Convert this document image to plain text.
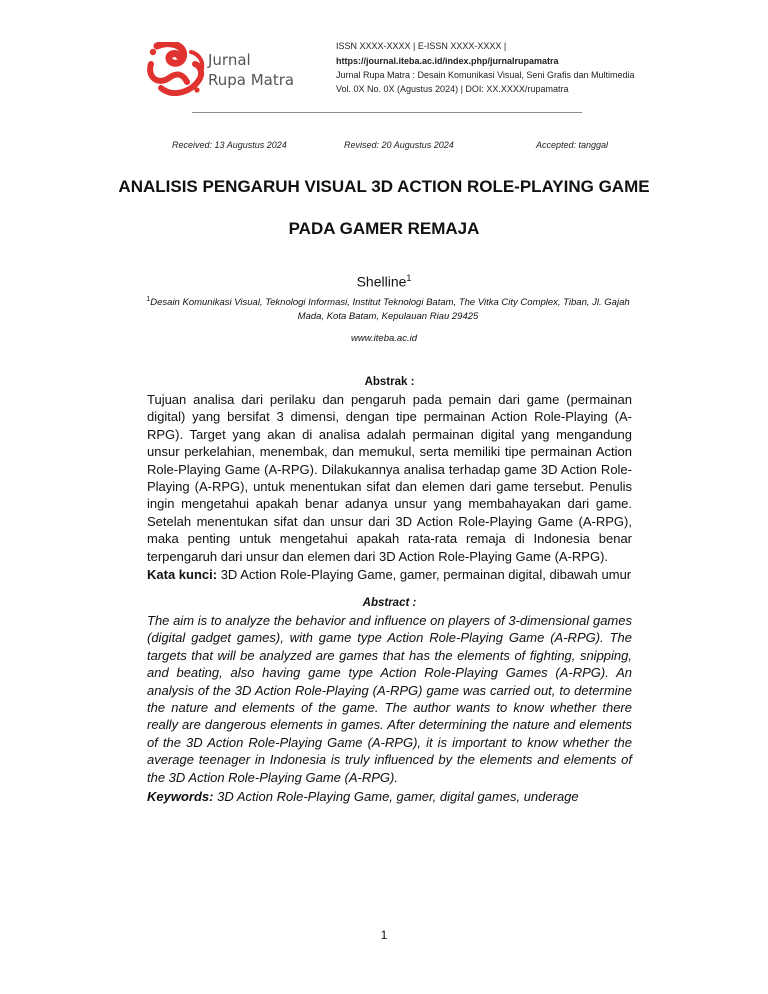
Jurnal
Rupa Matra
ISSN XXXX-XXXX | E-ISSN XXXX-XXXX |
https://journal.iteba.ac.id/index.php/jurnalrupamatra
Jurnal Rupa Matra : Desain Komunikasi Visual, Seni Grafis dan Multimedia
Vol. 0X No. 0X (Agustus 2024) | DOI: XX.XXXX/rupamatra
Received: 13 Augustus 2024	Revised: 20 Augustus 2024	Accepted: tanggal
ANALISIS PENGARUH VISUAL 3D ACTION ROLE-PLAYING GAME
PADA GAMER REMAJA
Shelline$^1$
$^1$Desain Komunikasi Visual, Teknologi Informasi, Institut Teknologi Batam, The Vitka City Complex, Tiban, Jl. Gajah Mada, Kota Batam, Kepulauan Riau 29425
www.iteba.ac.id
Abstrak :
Tujuan analisa dari perilaku dan pengaruh pada pemain dari game (permainan digital) yang bersifat 3 dimensi, dengan tipe permainan Action Role-Playing (A-RPG). Target yang akan di analisa adalah permainan digital yang mengandung unsur perkelahian, menembak, dan memukul, serta memiliki tipe permainan Action Role-Playing Game (A-RPG). Dilakukannya analisa terhadap game 3D Action Role-Playing (A-RPG), untuk menentukan sifat dan elemen dari game tersebut. Penulis ingin mengetahui apakah benar adanya unsur yang membahayakan dari game. Setelah menentukan sifat dan unsur dari 3D Action Role-Playing Game (A-RPG), maka penting untuk mengetahui apakah rata-rata remaja di Indonesia benar terpengaruh dari unsur dan elemen dari 3D Action Role-Playing Game (A-RPG).
Kata kunci: 3D Action Role-Playing Game, gamer, permainan digital, dibawah umur
Abstract :
The aim is to analyze the behavior and influence on players of 3-dimensional games (digital gadget games), with game type Action Role-Playing Game (A-RPG). The targets that will be analyzed are games that has the elements of fighting, snipping, and beating, also having game type Action Role-Playing Games (A-RPG). An analysis of the 3D Action Role-Playing (A-RPG) game was carried out, to determine the nature and elements of the game. The author wants to know whether there really are dangerous elements in games. After determining the nature and elements of the 3D Action Role-Playing Game (A-RPG), it is important to know whether the average teenager in Indonesia is truly influenced by the elements and elements of the 3D Action Role-Playing Game (A-RPG).
Keywords: 3D Action Role-Playing Game, gamer, digital games, underage
1
